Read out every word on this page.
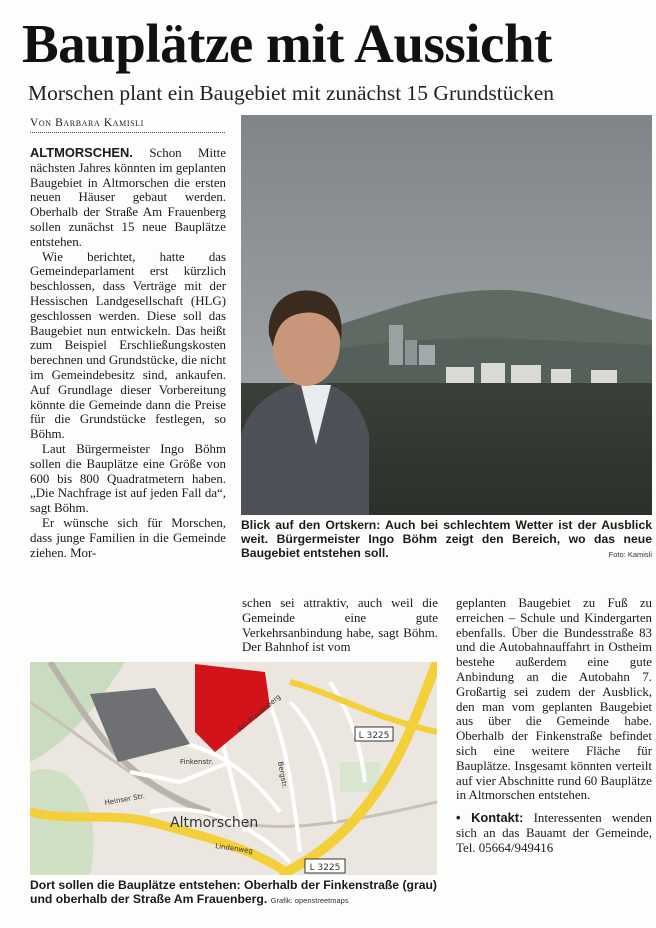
Bauplätze mit Aussicht
Morschen plant ein Baugebiet mit zunächst 15 Grundstücken
Von Barbara Kamisli

ALTMORSCHEN. Schon Mitte nächsten Jahres könnten im geplanten Baugebiet in Altmorschen die ersten neuen Häuser gebaut werden. Oberhalb der Straße Am Frauenberg sollen zunächst 15 neue Bauplätze entstehen.

Wie berichtet, hatte das Gemeindeparlament erst kürzlich beschlossen, dass Verträge mit der Hessischen Landgesellschaft (HLG) geschlossen werden. Diese soll das Baugebiet nun entwickeln. Das heißt zum Beispiel Erschließungskosten berechnen und Grundstücke, die nicht im Gemeindebesitz sind, ankaufen. Auf Grundlage dieser Vorbereitung könnte die Gemeinde dann die Preise für die Grundstücke festlegen, so Böhm.

Laut Bürgermeister Ingo Böhm sollen die Bauplätze eine Größe von 600 bis 800 Quadratmetern haben. „Die Nachfrage ist auf jeden Fall da“, sagt Böhm.

Er wünsche sich für Morschen, dass junge Familien in die Gemeinde ziehen. Mor-

Blick auf den Ortskern: Auch bei schlechtem Wetter ist der Ausblick weit. Bürgermeister Ingo Böhm zeigt den Bereich, wo das neue Baugebiet entstehen soll.	Foto: Kamisli

schen sei attraktiv, auch weil die Gemeinde eine gute Verkehrsanbindung habe, sagt Böhm. Der Bahnhof ist vom

geplanten Baugebiet zu Fuß zu erreichen – Schule und Kindergarten ebenfalls. Über die Bundesstraße 83 und die Autobahnauffahrt in Ostheim bestehe außerdem eine gute Anbindung an die Autobahn 7. Großartig sei zudem der Ausblick, den man vom geplanten Baugebiet aus über die Gemeinde habe. Oberhalb der Finkenstraße befindet sich eine weitere Fläche für Bauplätze. Insgesamt könnten verteilt auf vier Abschnitte rund 60 Bauplätze in Altmorschen entstehen.

• Kontakt: Interessenten wenden sich an das Bauamt der Gemeinde, Tel. 05664/949416

L 3225
L 3225
Altmorschen
Finkenstr.
Am Frauenberg
Bergstr.
Heinser Str.
Lindenweg
Dort sollen die Bauplätze entstehen: Oberhalb der Finkenstraße (grau) und oberhalb der Straße Am Frauenberg. Grafik: openstreetmaps
